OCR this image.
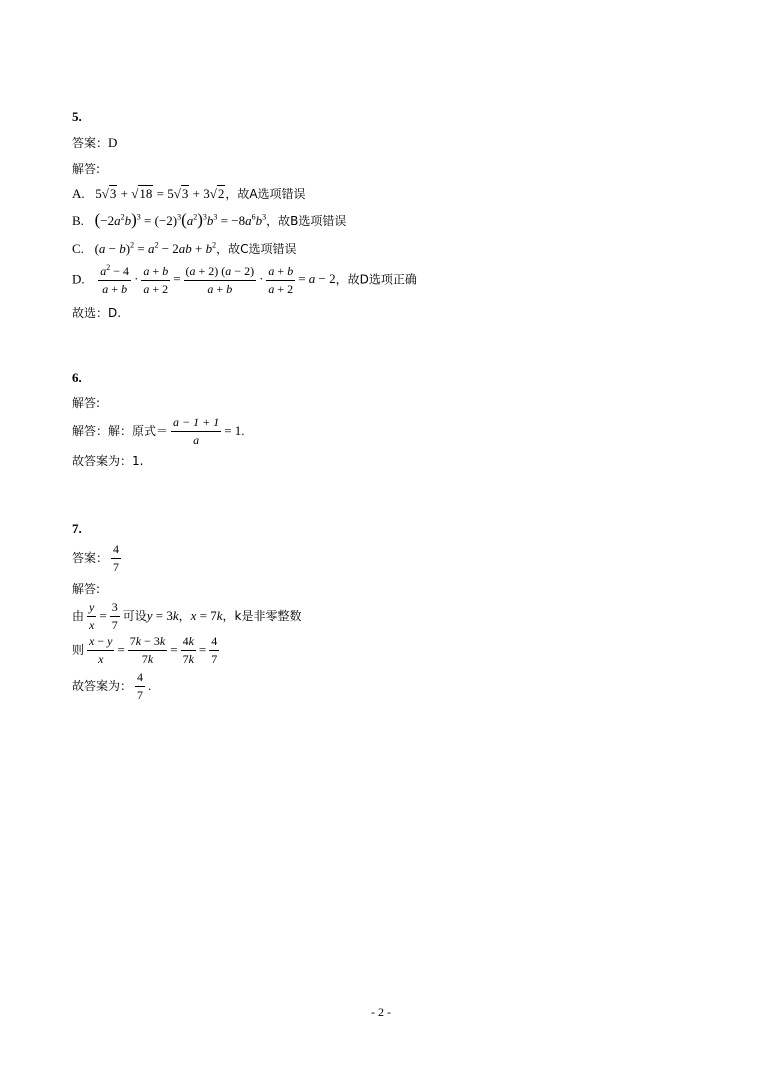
5.
答案：D
解答:
A.   5√3 + √18 = 5√3 + 3√2，故A选项错误
B. $(-2a^2b)^3 = (-2)^3(a^2)^3b^3 = -8a^6b^3$，故B选项错误
C.   $(a - b)^2 = a^2 - 2ab + b^2$，故C选项错误
D. $\frac{a^2 - 4}{a + b} \cdot \frac{a + b}{a + 2} = \frac{(a + 2) (a - 2)}{a + b} \cdot \frac{a + b}{a + 2} = a - 2$，故D选项正确
故选：D.
6.
解答:
解答：解：原式＝ $\frac{a - 1 + 1}{a} = 1$.
故答案为：1.
7.
答案： $\frac{4}{7}$
解答:
由 $\frac{y}{x} = \frac{3}{7}$ 可设y = 3k，x = 7k，k是非零整数
则 $\frac{x - y}{x} = \frac{7k - 3k}{7k} = \frac{4k}{7k} = \frac{4}{7}$
故答案为： $\frac{4}{7}$ .
- 2 -
